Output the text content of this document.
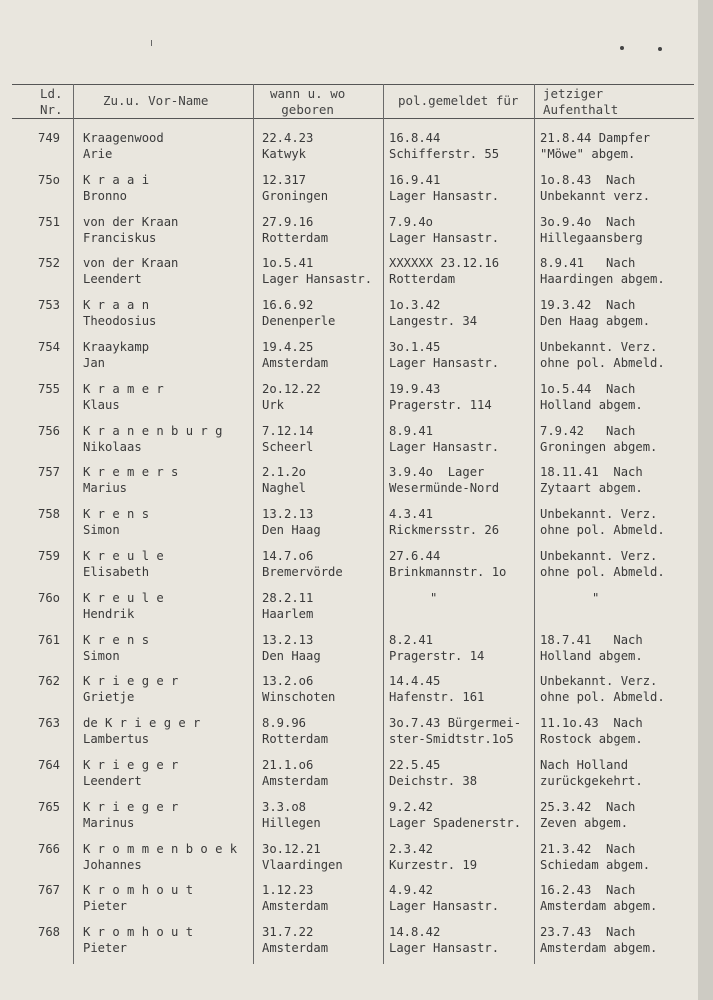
Ld.
Nr.
Zu.u. Vor-Name	wann u. wo
geboren
pol.gemeldet für jetziger
Aufenthalt
749 Kraagenwood
Arie
22.4.23
Katwyk
16.8.44
Schifferstr. 55
21.8.44 Dampfer
"Möwe" abgem.
75o K r a a i
Bronno
12.317
Groningen
16.9.41
Lager Hansastr.
1o.8.43  Nach
Unbekannt verz.
751 von der Kraan
Franciskus
27.9.16
Rotterdam
7.9.4o
Lager Hansastr.
3o.9.4o  Nach
Hillegaansberg
752 von der Kraan
Leendert
1o.5.41
Lager Hansastr.
XXXXXX 23.12.16
Rotterdam
8.9.41   Nach
Haardingen abgem.
753 K r a a n
Theodosius
16.6.92
Denenperle
1o.3.42
Langestr. 34
19.3.42  Nach
Den Haag abgem.
754 Kraaykamp
Jan
19.4.25
Amsterdam
3o.1.45
Lager Hansastr.
Unbekannt. Verz.
ohne pol. Abmeld.
755 K r a m e r
Klaus
2o.12.22
Urk
19.9.43
Pragerstr. 114
1o.5.44  Nach
Holland abgem.
756 K r a n e n b u r g
Nikolaas
7.12.14
Scheerl
8.9.41
Lager Hansastr.
7.9.42   Nach
Groningen abgem.
757 K r e m e r s
Marius
2.1.2o
Naghel
3.9.4o  Lager
Wesermünde-Nord
18.11.41  Nach
Zytaart abgem.
758 K r e n s
Simon
13.2.13
Den Haag
4.3.41
Rickmersstr. 26
Unbekannt. Verz.
ohne pol. Abmeld.
759 K r e u l e
Elisabeth
14.7.o6
Bremervörde
27.6.44
Brinkmannstr. 1o
Unbekannt. Verz.
ohne pol. Abmeld.
76o K r e u l e
Hendrik
28.2.11
Haarlem
"	"
761 K r e n s
Simon
13.2.13
Den Haag
8.2.41
Pragerstr. 14
18.7.41   Nach
Holland abgem.
762 K r i e g e r
Grietje
13.2.o6
Winschoten
14.4.45
Hafenstr. 161
Unbekannt. Verz.
ohne pol. Abmeld.
763 de K r i e g e r
Lambertus
8.9.96
Rotterdam
3o.7.43 Bürgermei-
ster-Smidtstr.1o5
11.1o.43  Nach
Rostock abgem.
764 K r i e g e r
Leendert
21.1.o6
Amsterdam
22.5.45
Deichstr. 38
Nach Holland
zurückgekehrt.
765 K r i e g e r
Marinus
3.3.o8
Hillegen
9.2.42
Lager Spadenerstr.
25.3.42  Nach
Zeven abgem.
766 K r o m m e n b o e k
Johannes
3o.12.21
Vlaardingen
2.3.42
Kurzestr. 19
21.3.42  Nach
Schiedam abgem.
767 K r o m h o u t
Pieter
1.12.23
Amsterdam
4.9.42
Lager Hansastr.
16.2.43  Nach
Amsterdam abgem.
768 K r o m h o u t
Pieter
31.7.22
Amsterdam
14.8.42
Lager Hansastr.
23.7.43  Nach
Amsterdam abgem.
